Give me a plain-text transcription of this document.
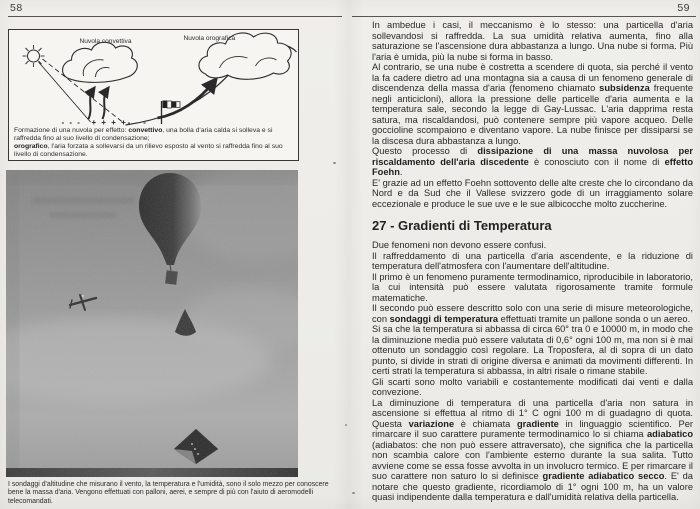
58
- - - + + + + - - -
Nuvola convettiva	Nuvola orografica

Formazione di una nuvola per effetto: convettivo, una bolla d'aria calda si solleva e si raffredda fino al suo livello di condensazione;

orografico, l'aria forzata a sollevarsi da un rilievo esposto al vento si raffredda fino al suo livello di condensazione.

I sondaggi d'altitudine che misurano il vento, la temperatura e l'umidità, sono il solo mezzo per conoscere bene la massa d'aria. Vengono effettuati con palloni, aerei, e sempre di più con l'aiuto di aeromodelli telecomandati.

59

In ambedue i casi, il meccanismo è lo stesso: una particella d'aria sollevandosi si raffredda. La sua umidità relativa aumenta, fino alla saturazione se l'ascensione dura abbastanza a lungo. Una nube si forma. Più l'aria è umida, più la nube si forma in basso.

Al contrario, se una nube è costretta a scendere di quota, sia perché il vento la fa cadere dietro ad una montagna sia a causa di un fenomeno generale di discendenza della massa d'aria (fenomeno chiamato subsidenza frequente negli anticicloni), allora la pressione delle particelle d'aria aumenta e la temperatura sale, secondo la legge di Gay-Lussac. L'aria dapprima resta satura, ma riscaldandosi, può contenere sempre più vapore acqueo. Delle goccioline scompaiono e diventano vapore. La nube finisce per dissiparsi se la discesa dura abbastanza a lungo.

Questo processo di dissipazione di una massa nuvolosa per riscaldamento dell'aria discedente è conosciuto con il nome di effetto Foehn.

E' grazie ad un effetto Foehn sottovento delle alte creste che lo circondano da Nord e da Sud che il Vallese svizzero gode di un irraggiamento solare eccezionale e produce le sue uve e le sue albicocche molto zuccherine.

27 - Gradienti di Temperatura

Due fenomeni non devono essere confusi.

Il raffreddamento di una particella d'aria ascendente, e la riduzione di temperatura dell'atmosfera con l'aumentare dell'altitudine.

Il primo è un fenomeno puramente termodinamico, riproducibile in laboratorio, la cui intensità può essere valutata rigorosamente tramite formule matematiche.

Il secondo può essere descritto solo con una serie di misure meteorologiche, con sondaggi di temperatura effettuati tramite un pallone sonda o un aereo.

Si sa che la temperatura si abbassa di circa 60° tra 0 e 10000 m, in modo che la diminuzione media può essere valutata di 0,6° ogni 100 m, ma non si è mai ottenuto un sondaggio così regolare. La Troposfera, al di sopra di un dato punto, si divide in strati di origine diversa e animati da movimenti differenti. In certi strati la temperatura si abbassa, in altri risale o rimane stabile.

Gli scarti sono molto variabili e costantemente modificati dai venti e dalla convezione.

La diminuzione di temperatura di una particella d'aria non satura in ascensione si effettua al ritmo di 1° C ogni 100 m di guadagno di quota. Questa variazione è chiamata gradiente in linguaggio scientifico. Per rimarcare il suo carattere puramente termodinamico lo si chiama adiabatico (adiabatos: che non può essere attraversato), che significa che la particella non scambia calore con l'ambiente esterno durante la sua salita. Tutto avviene come se essa fosse avvolta in un involucro termico. E per rimarcare il suo carattere non saturo lo si definisce gradiente adiabatico secco. E' da notare che questo gradiente, ricordiamolo di 1° ogni 100 m, ha un valore quasi indipendente dalla temperatura e dall'umidità relativa della particella.
